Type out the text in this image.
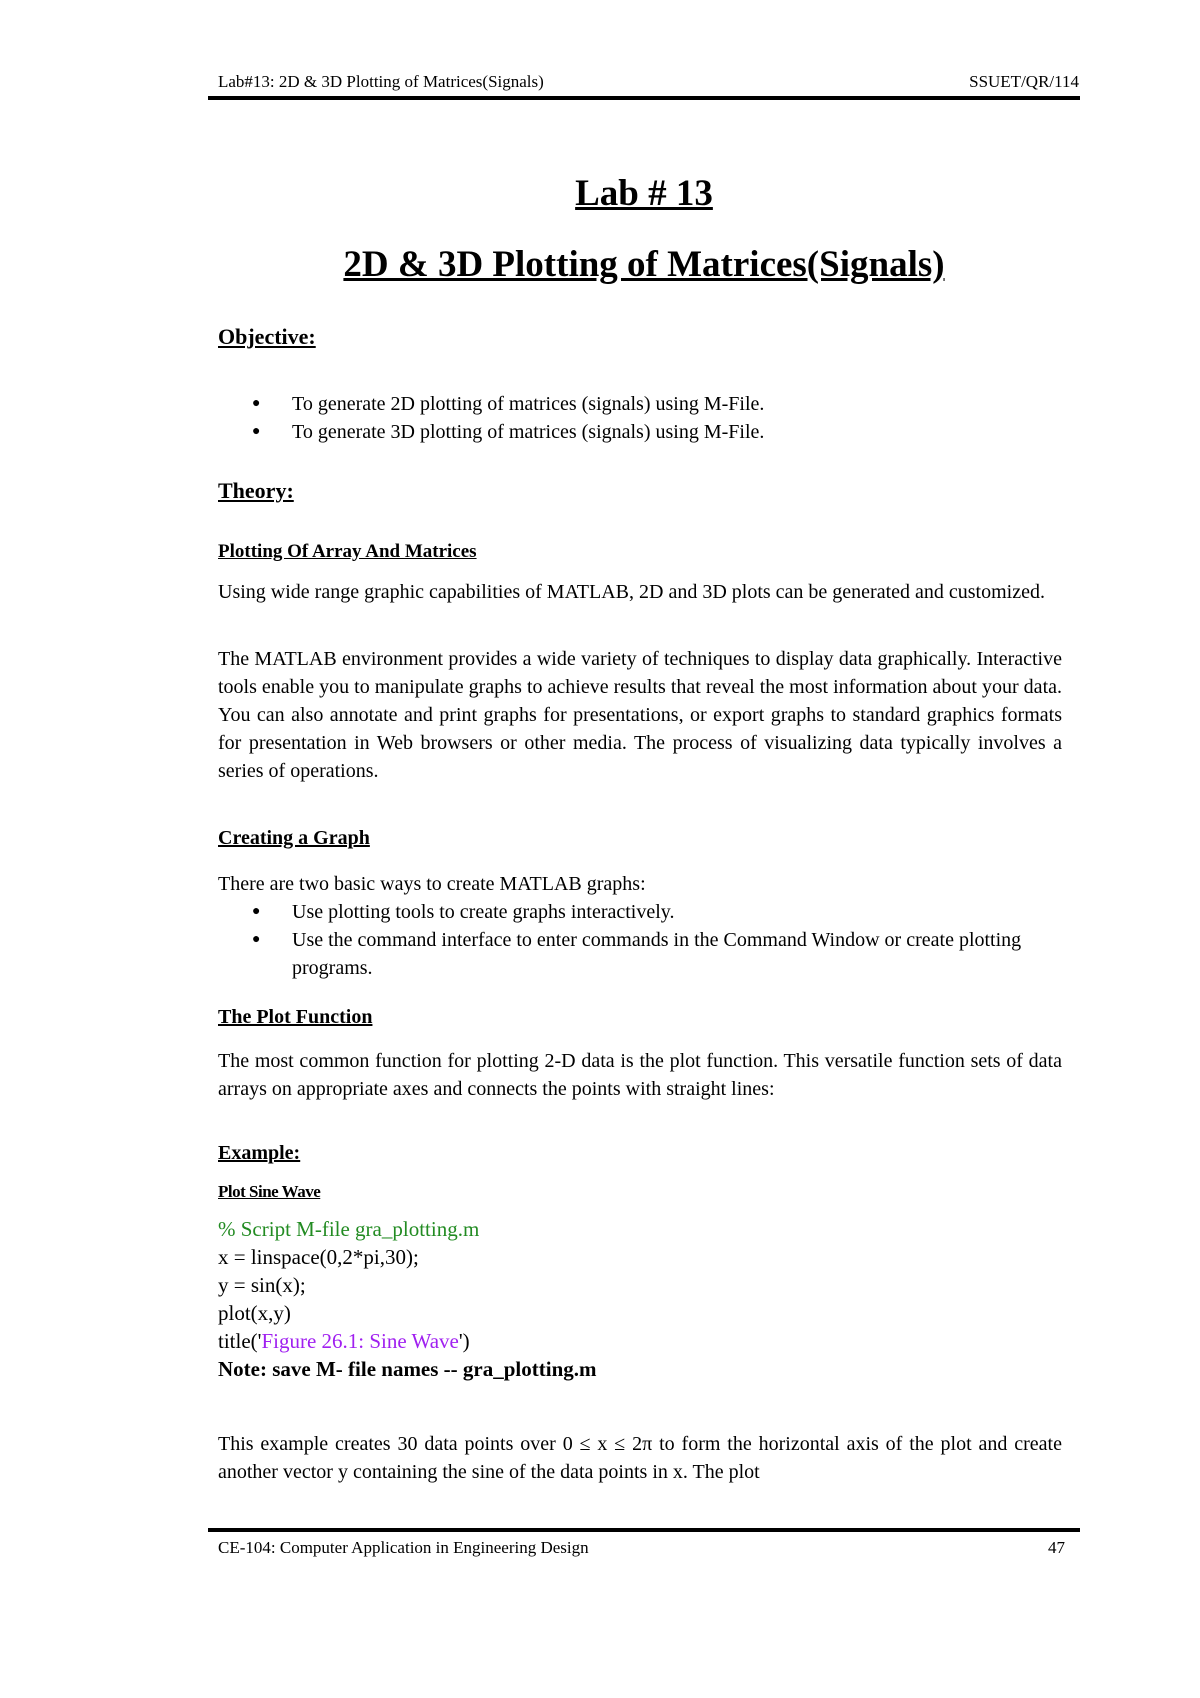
Lab#13: 2D & 3D Plotting of Matrices(Signals)	SSUET/QR/114
Lab # 13
2D & 3D Plotting of Matrices(Signals)
Objective:
● To generate 2D plotting of matrices (signals) using M-File.
● To generate 3D plotting of matrices (signals) using M-File.
Theory:
Plotting Of Array And Matrices
Using wide range graphic capabilities of MATLAB, 2D and 3D plots can be generated and customized.
The MATLAB environment provides a wide variety of techniques to display data graphically. Interactive tools enable you to manipulate graphs to achieve results that reveal the most information about your data. You can also annotate and print graphs for presentations, or export graphs to standard graphics formats for presentation in Web browsers or other media. The process of visualizing data typically involves a series of operations.
Creating a Graph
There are two basic ways to create MATLAB graphs:
● Use plotting tools to create graphs interactively.
● Use the command interface to enter commands in the Command Window or create plotting programs.
The Plot Function
The most common function for plotting 2-D data is the plot function. This versatile function sets of data arrays on appropriate axes and connects the points with straight lines:
Example:
Plot Sine Wave
% Script M-file gra_plotting.m
x = linspace(0,2*pi,30);
y = sin(x);
plot(x,y)
title('Figure 26.1: Sine Wave')
Note: save M- file names -- gra_plotting.m
This example creates 30 data points over 0 ≤ x ≤ 2π to form the horizontal axis of the plot and create another vector y containing the sine of the data points in x. The plot
CE-104: Computer Application in Engineering Design	47
